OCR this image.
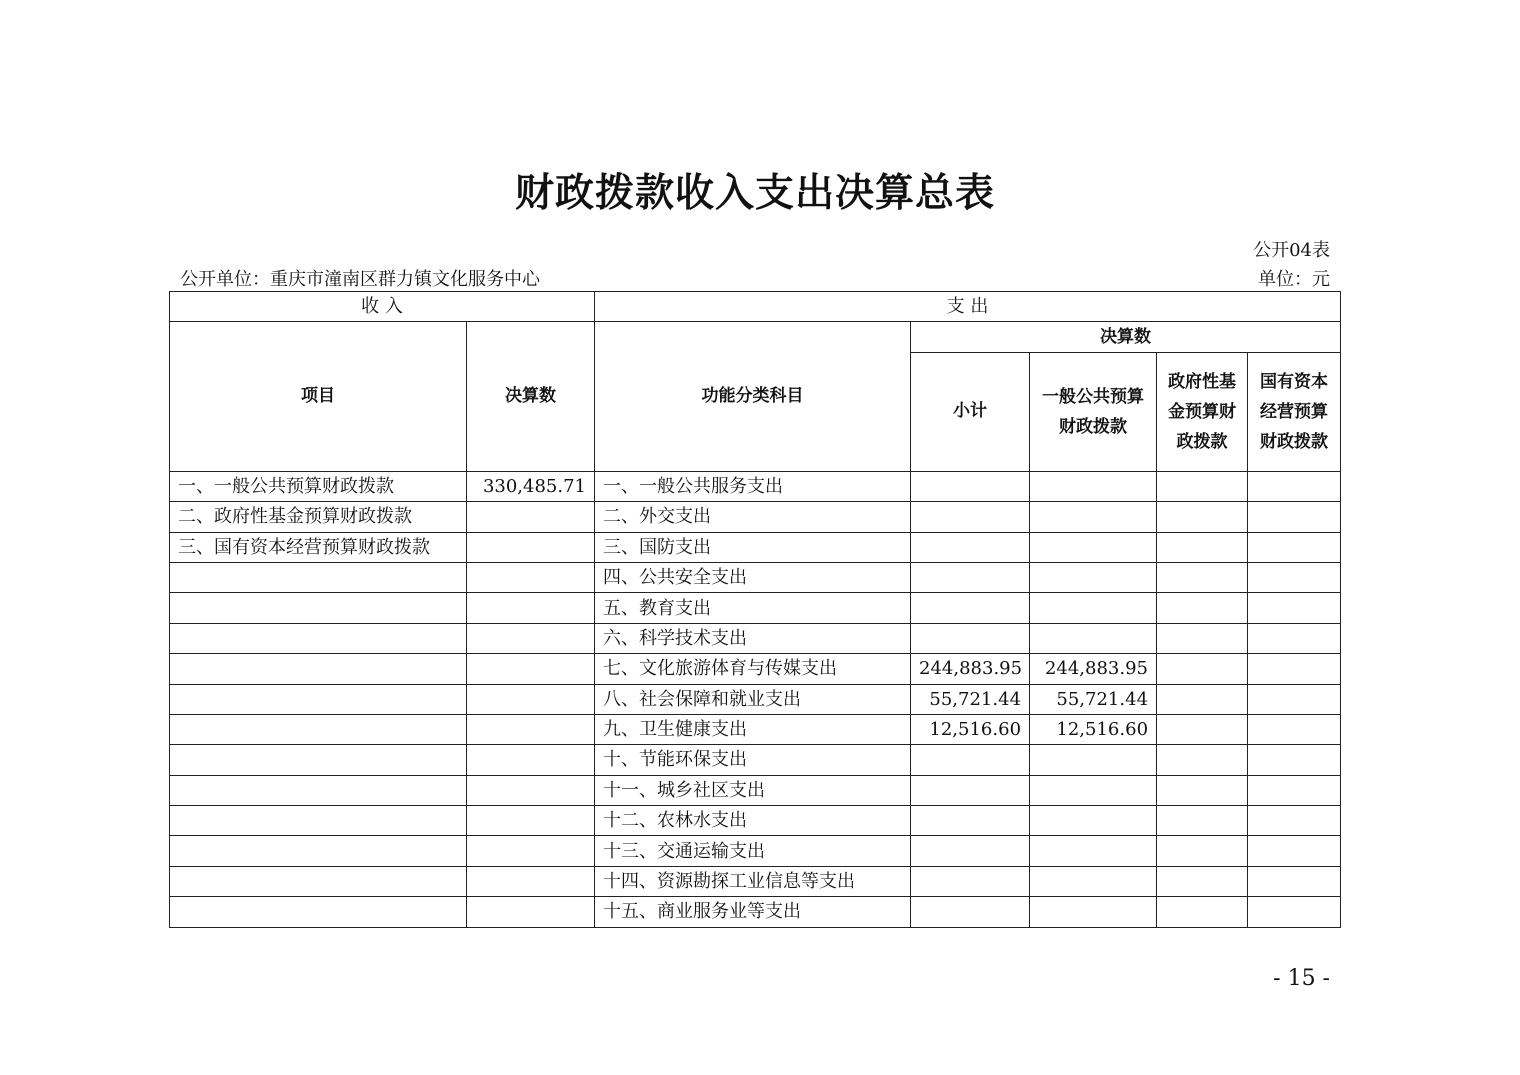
财政拨款收入支出决算总表
公开04表
公开单位：重庆市潼南区群力镇文化服务中心	单位：元
收 入		支 出				
项目	决算数	功能分类科目	决算数			
			小计	一般公共预算财政拨款	政府性基金预算财政拨款	国有资本经营预算财政拨款

一、一般公共预算财政拨款	330,485.71	一、一般公共服务支出				
二、政府性基金预算财政拨款		二、外交支出				
三、国有资本经营预算财政拨款		三、国防支出				
		四、公共安全支出				
		五、教育支出				
		六、科学技术支出				
		七、文化旅游体育与传媒支出	244,883.95	244,883.95		
		八、社会保障和就业支出	55,721.44	55,721.44		
		九、卫生健康支出	12,516.60	12,516.60		
		十、节能环保支出				
		十一、城乡社区支出				
		十二、农林水支出				
		十三、交通运输支出				
		十四、资源勘探工业信息等支出				
		十五、商业服务业等支出				
- 15 -
